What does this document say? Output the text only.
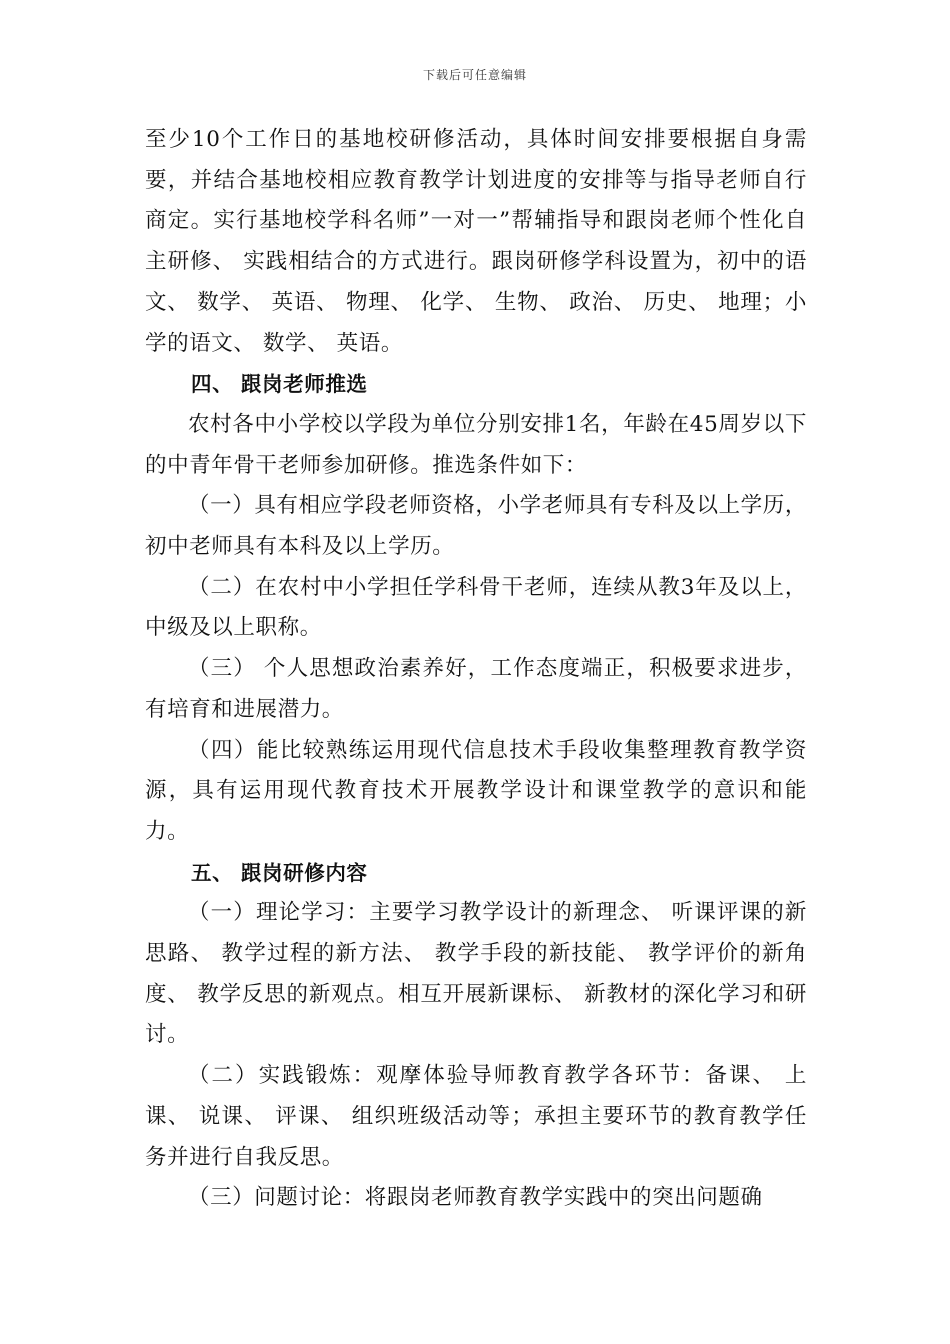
下载后可任意编辑

至少10个工作日的基地校研修活动，具体时间安排要根据自身需要，并结合基地校相应教育教学计划进度的安排等与指导老师自行商定。实行基地校学科名师”一对一”帮辅指导和跟岗老师个性化自主研修、 实践相结合的方式进行。跟岗研修学科设置为，初中的语文、 数学、 英语、 物理、 化学、 生物、 政治、 历史、 地理；小学的语文、 数学、 英语。

四、 跟岗老师推选

农村各中小学校以学段为单位分别安排1名，年龄在45周岁以下的中青年骨干老师参加研修。推选条件如下：

（一）具有相应学段老师资格，小学老师具有专科及以上学历，初中老师具有本科及以上学历。

（二）在农村中小学担任学科骨干老师，连续从教3年及以上，中级及以上职称。

（三） 个人思想政治素养好，工作态度端正，积极要求进步，有培育和进展潜力。

（四）能比较熟练运用现代信息技术手段收集整理教育教学资源，具有运用现代教育技术开展教学设计和课堂教学的意识和能力。

五、 跟岗研修内容

（一）理论学习：主要学习教学设计的新理念、 听课评课的新思路、 教学过程的新方法、 教学手段的新技能、 教学评价的新角度、 教学反思的新观点。相互开展新课标、 新教材的深化学习和研讨。

（二）实践锻炼：观摩体验导师教育教学各环节：备课、 上课、 说课、 评课、 组织班级活动等；承担主要环节的教育教学任务并进行自我反思。

（三）问题讨论：将跟岗老师教育教学实践中的突出问题确
